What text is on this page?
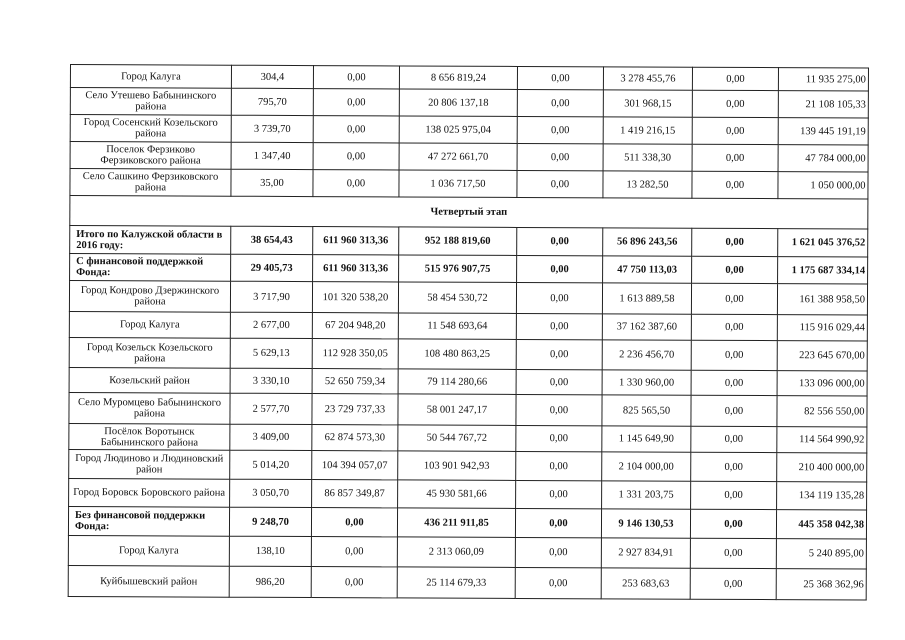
Город Калуга	304,4	0,00	8 656 819,24	0,00	3 278 455,76	0,00	11 935 275,00
Село Утешево Бабынинского района	795,70	0,00	20 806 137,18	0,00	301 968,15	0,00	21 108 105,33
Город Сосенский Козельского района	3 739,70	0,00	138 025 975,04	0,00	1 419 216,15	0,00	139 445 191,19
Поселок Ферзиково Ферзиковского района	1 347,40	0,00	47 272 661,70	0,00	511 338,30	0,00	47 784 000,00
Село Сашкино Ферзиковского района	35,00	0,00	1 036 717,50	0,00	13 282,50	0,00	1 050 000,00
Четвертый этап							
Итого по Калужской области в 2016 году:	38 654,43	611 960 313,36	952 188 819,60	0,00	56 896 243,56	0,00	1 621 045 376,52
С финансовой поддержкой Фонда:	29 405,73	611 960 313,36	515 976 907,75	0,00	47 750 113,03	0,00	1 175 687 334,14
Город Кондрово Дзержинского района	3 717,90	101 320 538,20	58 454 530,72	0,00	1 613 889,58	0,00	161 388 958,50
Город Калуга	2 677,00	67 204 948,20	11 548 693,64	0,00	37 162 387,60	0,00	115 916 029,44
Город Козельск Козельского района	5 629,13	112 928 350,05	108 480 863,25	0,00	2 236 456,70	0,00	223 645 670,00
Козельский район	3 330,10	52 650 759,34	79 114 280,66	0,00	1 330 960,00	0,00	133 096 000,00
Село Муромцево Бабынинского района	2 577,70	23 729 737,33	58 001 247,17	0,00	825 565,50	0,00	82 556 550,00
Посёлок Воротынск Бабынинского района	3 409,00	62 874 573,30	50 544 767,72	0,00	1 145 649,90	0,00	114 564 990,92
Город Людиново и Людиновский район	5 014,20	104 394 057,07	103 901 942,93	0,00	2 104 000,00	0,00	210 400 000,00
Город Боровск Боровского района	3 050,70	86 857 349,87	45 930 581,66	0,00	1 331 203,75	0,00	134 119 135,28
Без финансовой поддержки Фонда:	9 248,70	0,00	436 211 911,85	0,00	9 146 130,53	0,00	445 358 042,38
Город Калуга	138,10	0,00	2 313 060,09	0,00	2 927 834,91	0,00	5 240 895,00
Куйбышевский район	986,20	0,00	25 114 679,33	0,00	253 683,63	0,00	25 368 362,96
